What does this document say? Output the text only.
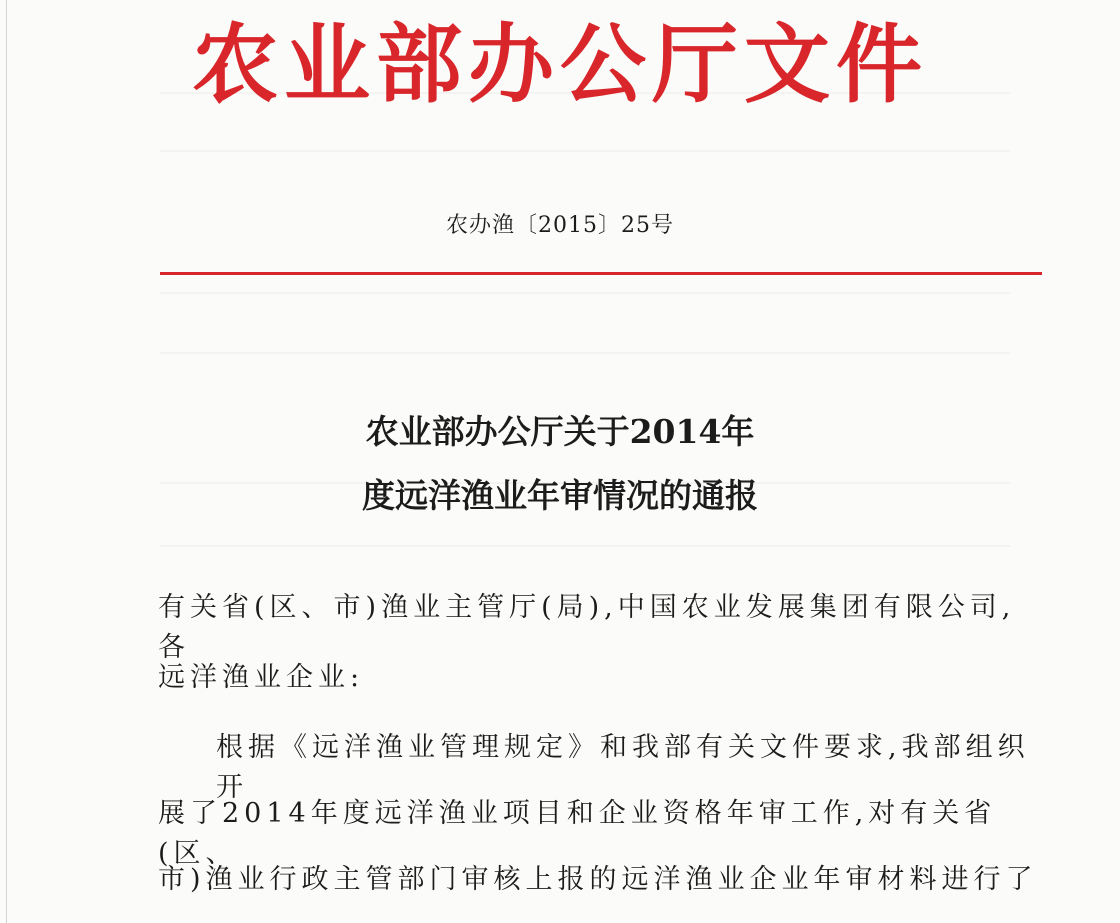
农业部办公厅文件
农办渔〔2015〕25号
农业部办公厅关于2014年
度远洋渔业年审情况的通报
有关省(区、市)渔业主管厅(局),中国农业发展集团有限公司,各
远洋渔业企业:
根据《远洋渔业管理规定》和我部有关文件要求,我部组织开
展了2014年度远洋渔业项目和企业资格年审工作,对有关省(区、
市)渔业行政主管部门审核上报的远洋渔业企业年审材料进行了
